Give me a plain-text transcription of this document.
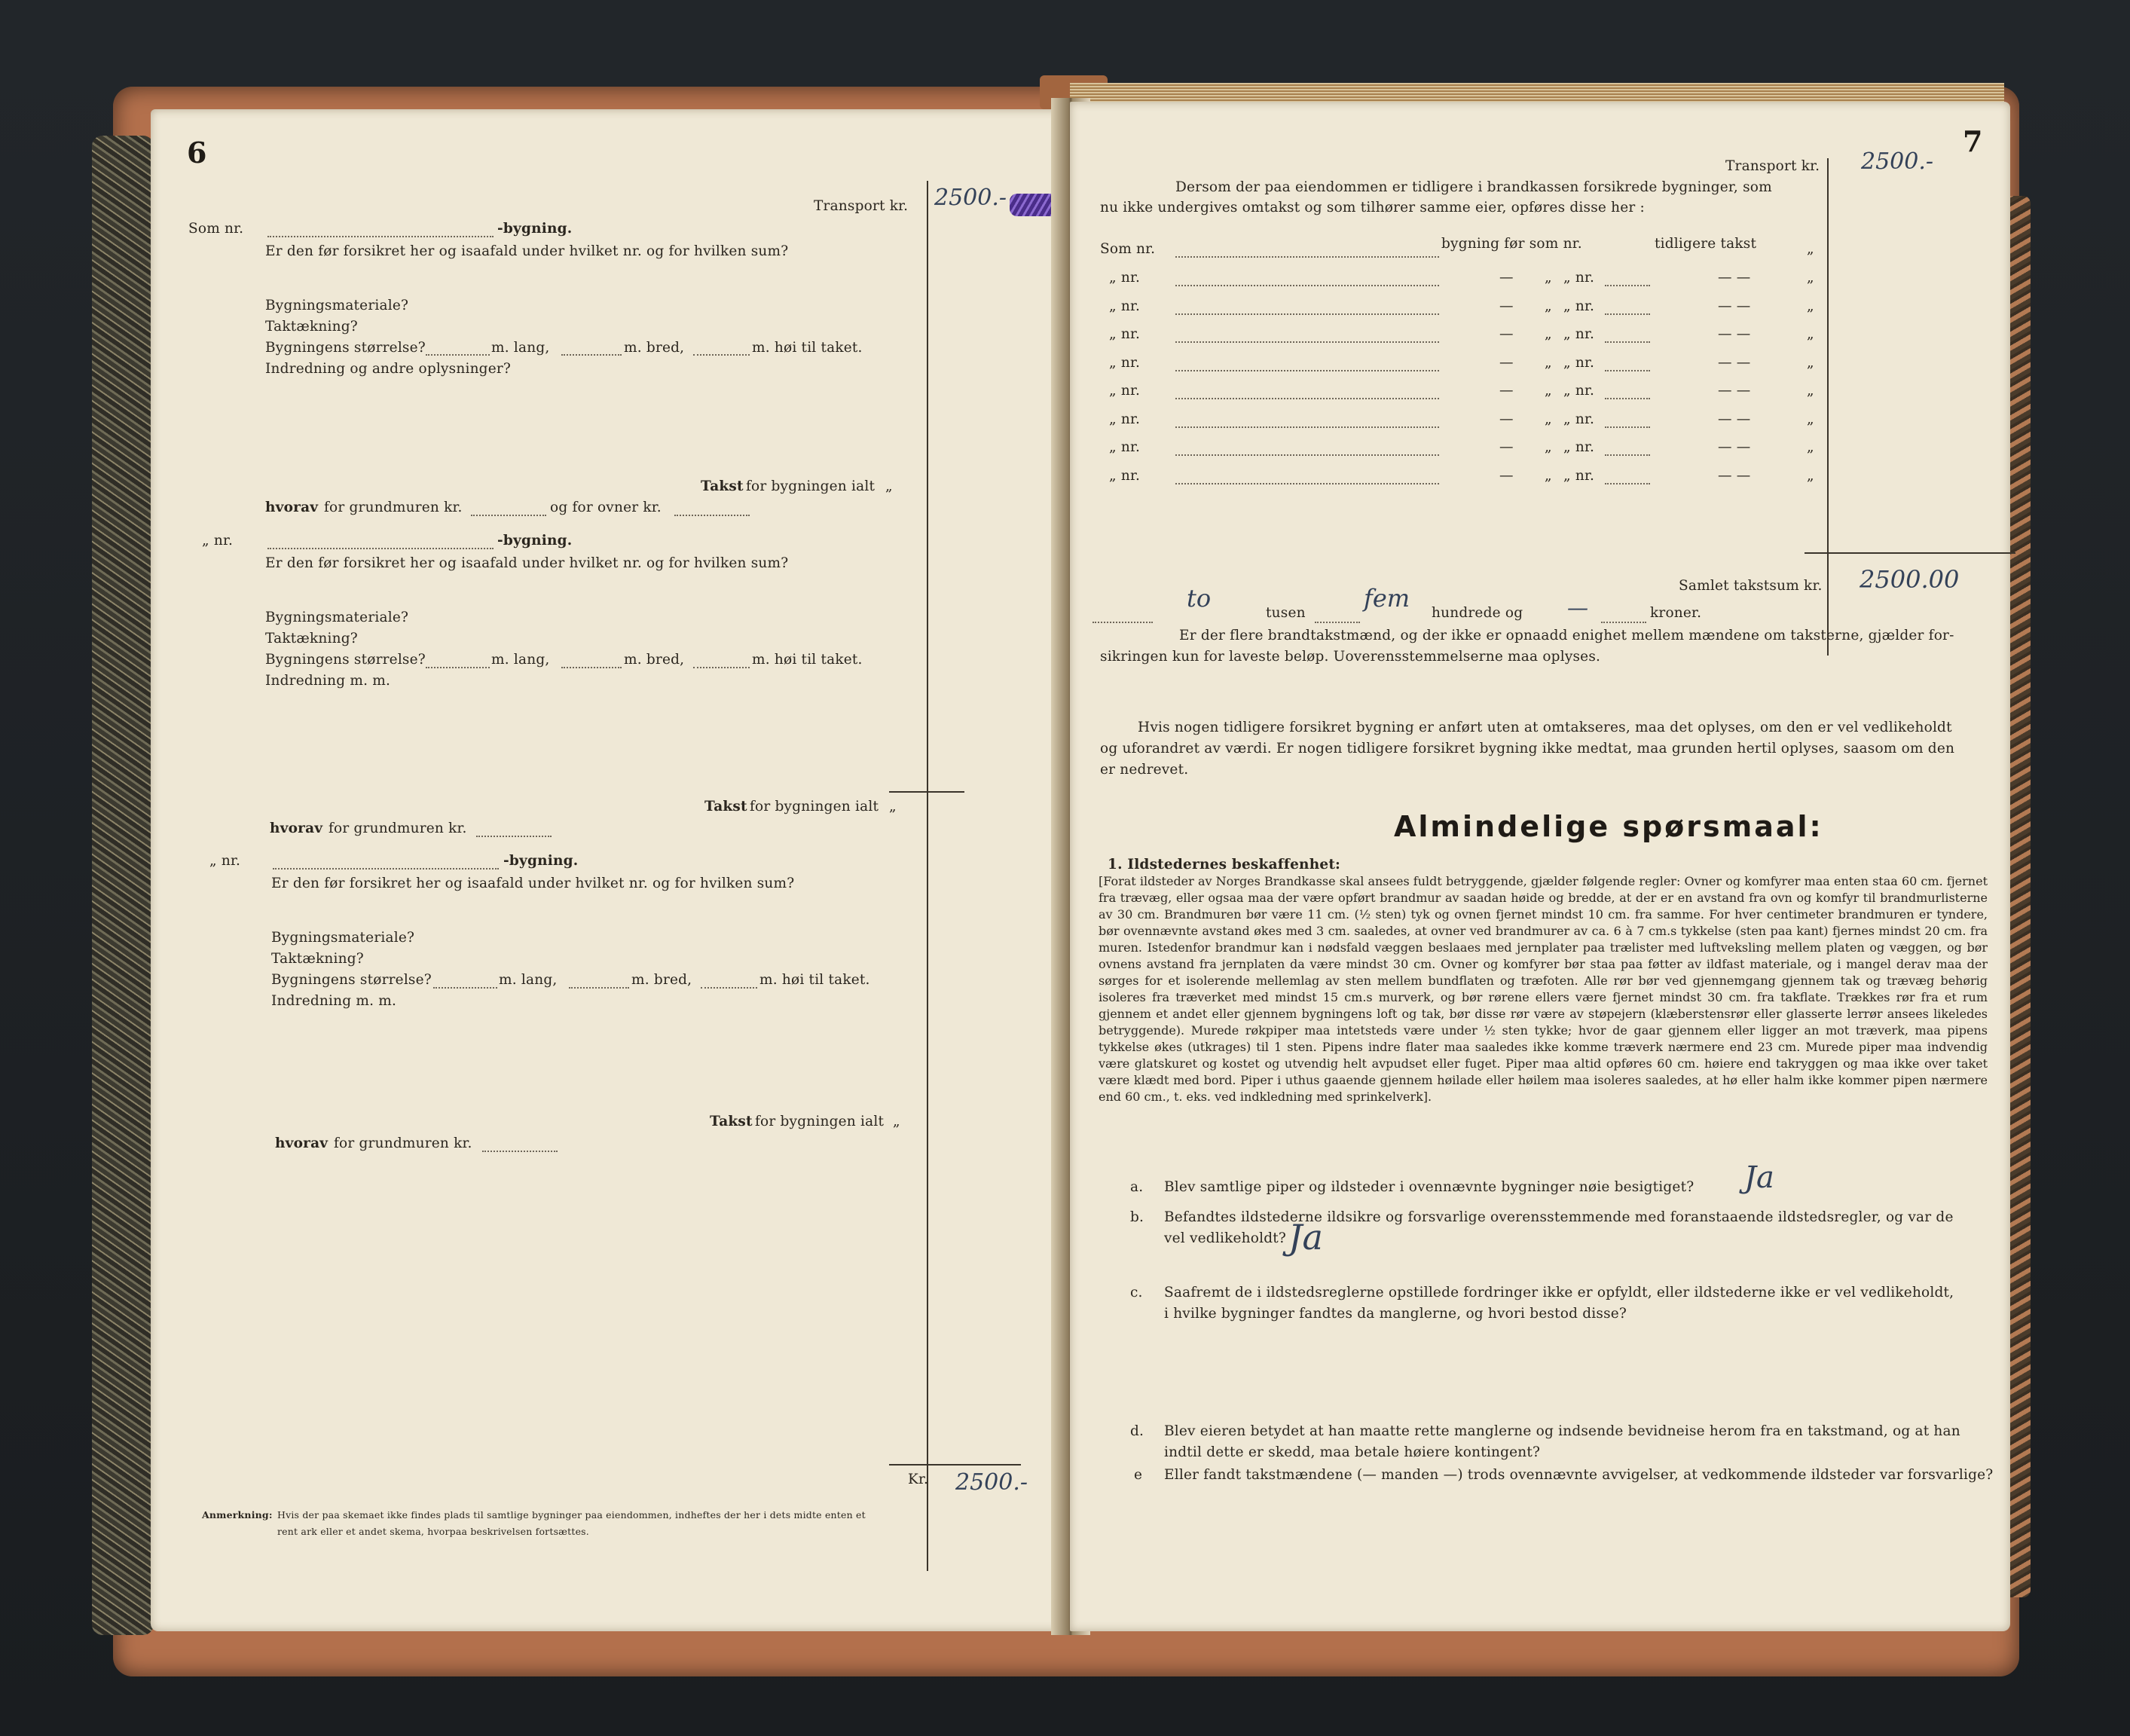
6
Transport kr. 2500.-
Som nr.	-bygning.
Er den før forsikret her og isaafald under hvilket nr. og for hvilken sum?
Bygningsmateriale?
Taktækning?
Bygningens størrelse?	m. lang,	m. bred,	m. høi til taket.
Indredning og andre oplysninger?
Takst for bygningen ialt „
hvorav for grundmuren kr.	og for ovner kr.
„ nr.	-bygning.
Er den før forsikret her og isaafald under hvilket nr. og for hvilken sum?
Bygningsmateriale?
Taktækning?
Bygningens størrelse?	m. lang,	m. bred,	m. høi til taket.
Indredning m. m.
Takst for bygningen ialt „
hvorav for grundmuren kr.
„ nr.	-bygning.
Er den før forsikret her og isaafald under hvilket nr. og for hvilken sum?
Bygningsmateriale?
Taktækning?
Bygningens størrelse?	m. lang,	m. bred,	m. høi til taket.
Indredning m. m.
Takst for bygningen ialt „
hvorav for grundmuren kr.
Kr. 2500.-
Anmerkning: Hvis der paa skemaet ikke findes plads til samtlige bygninger paa eiendommen, indheftes der her i dets midte enten et
rent ark eller et andet skema, hvorpaa beskrivelsen fortsættes.
7
Transport kr. 2500.-
Dersom der paa eiendommen er tidligere i brandkassen forsikrede bygninger, som
nu ikke undergives omtakst og som tilhører samme eier, opføres disse her :
Som nr.	bygning før som nr.	tidligere takst	„
„ nr.	— „ „ nr.	— —	„
„ nr.	— „ „ nr.	— —	„
„ nr.	— „ „ nr.	— —	„
„ nr.	— „ „ nr.	— —	„
„ nr.	— „ „ nr.	— —	„
„ nr.	— „ „ nr.	— —	„
„ nr.	— „ „ nr.	— —	„
„ nr.	— „ „ nr.	— —	„
Samlet takstsum kr. 2500.00
to
tusen
fem
hundrede og —	kroner.
Er der flere brandtakstmænd, og der ikke er opnaadd enighet mellem mændene om taksterne, gjælder for-
sikringen kun for laveste beløp. Uoverensstemmelserne maa oplyses.
Hvis nogen tidligere forsikret bygning er anført uten at omtakseres, maa det oplyses, om den er vel vedlikeholdt
og uforandret av værdi. Er nogen tidligere forsikret bygning ikke medtat, maa grunden hertil oplyses, saasom om den
er nedrevet.
Almindelige spørsmaal:
1. Ildstedernes beskaffenhet:
[Forat ildsteder av Norges Brandkasse skal ansees fuldt betryggende, gjælder følgende regler: Ovner og komfyrer maa enten staa 60 cm. fjernet fra trævæg, eller ogsaa maa der være opført brandmur av saadan høide og bredde, at der er en avstand fra ovn og komfyr til brandmurlisterne av 30 cm. Brandmuren bør være 11 cm. (½ sten) tyk og ovnen fjernet mindst 10 cm. fra samme. For hver centimeter brandmuren er tyndere, bør ovennævnte avstand økes med 3 cm. saaledes, at ovner ved brandmurer av ca. 6 à 7 cm.s tykkelse (sten paa kant) fjernes mindst 20 cm. fra muren. Istedenfor brandmur kan i nødsfald væggen beslaaes med jernplater paa trælister med luftveksling mellem platen og væggen, og bør ovnens avstand fra jernplaten da være mindst 30 cm. Ovner og komfyrer bør staa paa føtter av ildfast materiale, og i mangel derav maa der sørges for et isolerende mellemlag av sten mellem bundflaten og træfoten. Alle rør bør ved gjennemgang gjennem tak og trævæg behørig isoleres fra træverket med mindst 15 cm.s murverk, og bør rørene ellers være fjernet mindst 30 cm. fra takflate. Trækkes rør fra et rum gjennem et andet eller gjennem bygningens loft og tak, bør disse rør være av støpejern (klæberstensrør eller glasserte lerrør ansees likeledes betryggende). Murede røkpiper maa intetsteds være under ½ sten tykke; hvor de gaar gjennem eller ligger an mot træverk, maa pipens tykkelse økes (utkrages) til 1 sten. Pipens indre flater maa saaledes ikke komme træverk nærmere end 23 cm. Murede piper maa indvendig være glatskuret og kostet og utvendig helt avpudset eller fuget. Piper maa altid opføres 60 cm. høiere end takryggen og maa ikke over taket være klædt med bord. Piper i uthus gaaende gjennem høilade eller høilem maa isoleres saaledes, at hø eller halm ikke kommer pipen nærmere end 60 cm., t. eks. ved indkledning med sprinkelverk].
a. Blev samtlige piper og ildsteder i ovennævnte bygninger nøie besigtiget? Ja
b. Befandtes ildstederne ildsikre og forsvarlige overensstemmende med foranstaaende ildstedsregler, og var de
vel vedlikeholdt? Ja
c. Saafremt de i ildstedsreglerne opstillede fordringer ikke er opfyldt, eller ildstederne ikke er vel vedlikeholdt,
i hvilke bygninger fandtes da manglerne, og hvori bestod disse?
d. Blev eieren betydet at han maatte rette manglerne og indsende bevidneise herom fra en takstmand, og at han
indtil dette er skedd, maa betale høiere kontingent?
e Eller fandt takstmændene (— manden —) trods ovennævnte avvigelser, at vedkommende ildsteder var forsvarlige?
